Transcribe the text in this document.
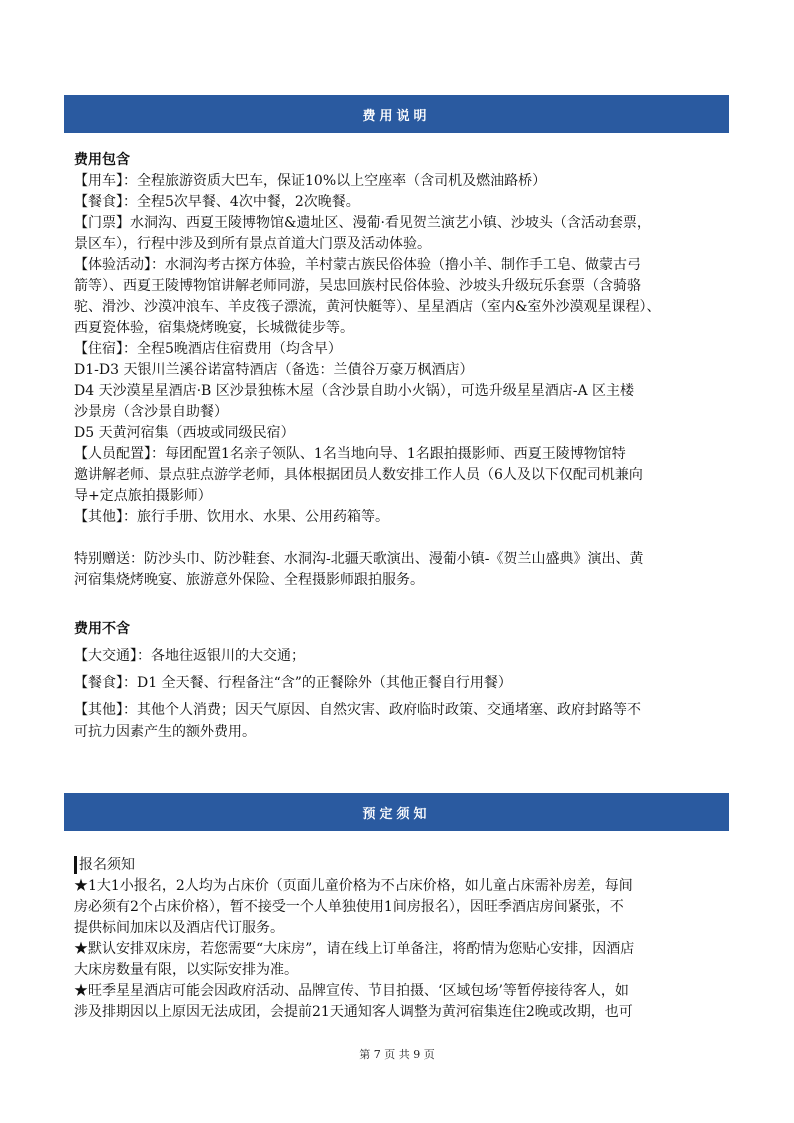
费用说明

费用包含

【用车】：全程旅游资质大巴车，保证10%以上空座率（含司机及燃油路桥）

【餐食】：全程5次早餐、4次中餐，2次晚餐。

【门票】水洞沟、西夏王陵博物馆&遗址区、漫葡·看见贺兰演艺小镇、沙坡头（含活动套票，

景区车），行程中涉及到所有景点首道大门票及活动体验。

【体验活动】：水洞沟考古探方体验，羊村蒙古族民俗体验（撸小羊、制作手工皂、做蒙古弓

箭等）、西夏王陵博物馆讲解老师同游，吴忠回族村民俗体验、沙坡头升级玩乐套票（含骑骆

驼、滑沙、沙漠冲浪车、羊皮筏子漂流，黄河快艇等）、星星酒店（室内&室外沙漠观星课程）、

西夏瓷体验，宿集烧烤晚宴，长城微徒步等。

【住宿】：全程5晚酒店住宿费用（均含早）

D1-D3 天银川兰溪谷诺富特酒店（备选：兰債谷万豪万枫酒店）

D4 天沙漠星星酒店·B 区沙景独栋木屋（含沙景自助小火锅），可选升级星星酒店-A 区主楼

沙景房（含沙景自助餐）

D5 天黄河宿集（西坡或同级民宿）

【人员配置】：每团配置1名亲子领队、1名当地向导、1名跟拍摄影师、西夏王陵博物馆特

邀讲解老师、景点驻点游学老师，具体根据团员人数安排工作人员（6人及以下仅配司机兼向

导+定点旅拍摄影师）

【其他】：旅行手册、饮用水、水果、公用药箱等。

特别赠送：防沙头巾、防沙鞋套、水洞沟-北疆天歌演出、漫葡小镇-《贺兰山盛典》演出、黄

河宿集烧烤晚宴、旅游意外保险、全程摄影师跟拍服务。

费用不含

【大交通】：各地往返银川的大交通；

【餐食】：D1 全天餐、行程备注“含”的正餐除外（其他正餐自行用餐）

【其他】：其他个人消费；因天气原因、自然灾害、政府临时政策、交通堵塞、政府封路等不
可抗力因素产生的额外费用。

预定须知

报名须知

★1大1小报名，2人均为占床价（页面儿童价格为不占床价格，如儿童占床需补房差，每间

房必须有2个占床价格），暂不接受一个人单独使用1间房报名），因旺季酒店房间紧张，不

提供标间加床以及酒店代订服务。

★默认安排双床房，若您需要“大床房”，请在线上订单备注，将酌情为您贴心安排，因酒店

大床房数量有限，以实际安排为准。

★旺季星星酒店可能会因政府活动、品牌宣传、节目拍摄、‘区域包场’等暂停接待客人，如

涉及排期因以上原因无法成团，会提前21天通知客人调整为黄河宿集连住2晚或改期，也可

第 7 页 共 9 页
